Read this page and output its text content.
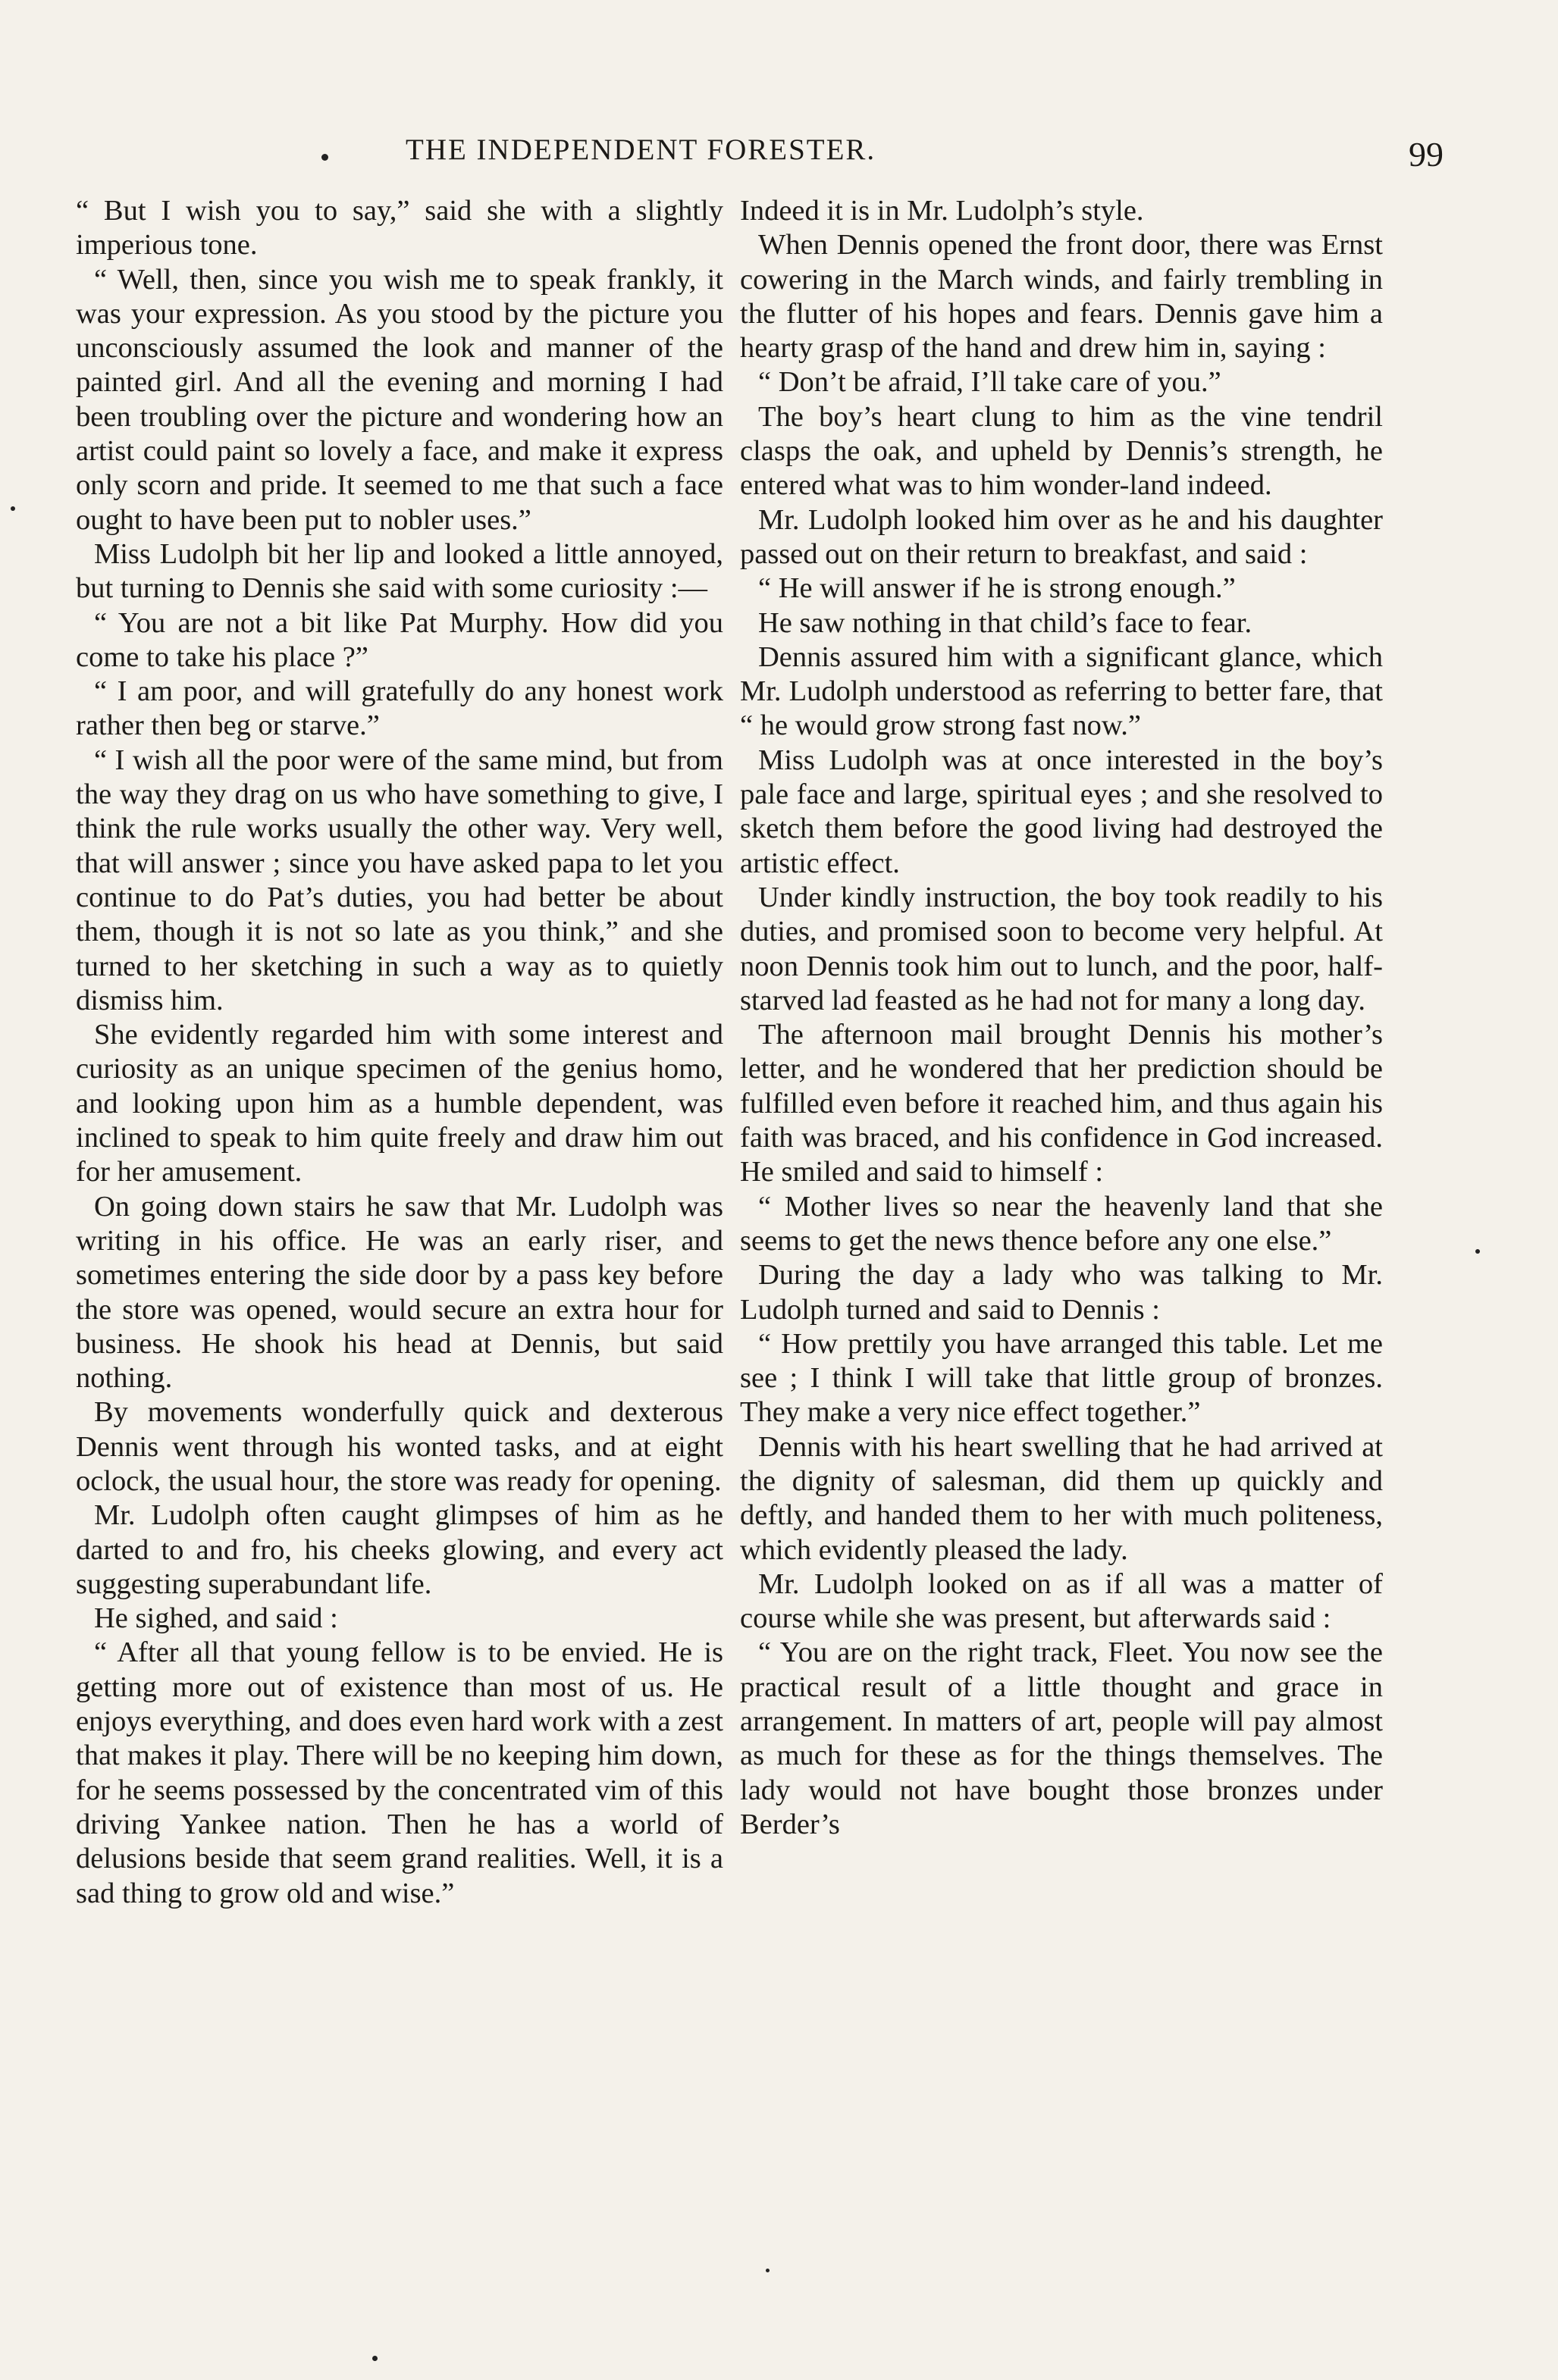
THE INDEPENDENT FORESTER.	99

“ But I wish you to say,” said she with a slightly imperious tone.

“ Well, then, since you wish me to speak frankly, it was your expression. As you stood by the picture you unconsciously assumed the look and manner of the painted girl. And all the evening and morning I had been troubling over the picture and wondering how an artist could paint so lovely a face, and make it express only scorn and pride. It seemed to me that such a face ought to have been put to nobler uses.”

Miss Ludolph bit her lip and looked a little annoyed, but turning to Dennis she said with some curiosity :—

“ You are not a bit like Pat Murphy. How did you come to take his place ?”

“ I am poor, and will gratefully do any honest work rather then beg or starve.”

“ I wish all the poor were of the same mind, but from the way they drag on us who have something to give, I think the rule works usually the other way. Very well, that will answer ; since you have asked papa to let you continue to do Pat’s duties, you had better be about them, though it is not so late as you think,” and she turned to her sketching in such a way as to quietly dismiss him.

She evidently regarded him with some interest and curiosity as an unique specimen of the genius homo, and looking upon him as a humble dependent, was inclined to speak to him quite freely and draw him out for her amusement.

On going down stairs he saw that Mr. Ludolph was writing in his office. He was an early riser, and sometimes entering the side door by a pass key before the store was opened, would secure an extra hour for business. He shook his head at Dennis, but said nothing.

By movements wonderfully quick and dexterous Dennis went through his wonted tasks, and at eight oclock, the usual hour, the store was ready for opening.

Mr. Ludolph often caught glimpses of him as he darted to and fro, his cheeks glowing, and every act suggesting superabundant life.

He sighed, and said :

“ After all that young fellow is to be envied. He is getting more out of existence than most of us. He enjoys everything, and does even hard work with a zest that makes it play. There will be no keeping him down, for he seems possessed by the concentrated vim of this driving Yankee nation. Then he has a world of delusions beside that seem grand realities. Well, it is a sad thing to grow old and wise.”

Indeed it is in Mr. Ludolph’s style.

When Dennis opened the front door, there was Ernst cowering in the March winds, and fairly trembling in the flutter of his hopes and fears. Dennis gave him a hearty grasp of the hand and drew him in, saying :

“ Don’t be afraid, I’ll take care of you.”

The boy’s heart clung to him as the vine tendril clasps the oak, and upheld by Dennis’s strength, he entered what was to him wonder-land indeed.

Mr. Ludolph looked him over as he and his daughter passed out on their return to breakfast, and said :

“ He will answer if he is strong enough.”

He saw nothing in that child’s face to fear.

Dennis assured him with a significant glance, which Mr. Ludolph understood as referring to better fare, that “ he would grow strong fast now.”

Miss Ludolph was at once interested in the boy’s pale face and large, spiritual eyes ; and she resolved to sketch them before the good living had destroyed the artistic effect.

Under kindly instruction, the boy took readily to his duties, and promised soon to become very helpful. At noon Dennis took him out to lunch, and the poor, half-starved lad feasted as he had not for many a long day.

The afternoon mail brought Dennis his mother’s letter, and he wondered that her prediction should be fulfilled even before it reached him, and thus again his faith was braced, and his confidence in God increased. He smiled and said to himself :

“ Mother lives so near the heavenly land that she seems to get the news thence before any one else.”

During the day a lady who was talking to Mr. Ludolph turned and said to Dennis :

“ How prettily you have arranged this table. Let me see ; I think I will take that little group of bronzes. They make a very nice effect together.”

Dennis with his heart swelling that he had arrived at the dignity of salesman, did them up quickly and deftly, and handed them to her with much politeness, which evidently pleased the lady.

Mr. Ludolph looked on as if all was a matter of course while she was present, but afterwards said :

“ You are on the right track, Fleet. You now see the practical result of a little thought and grace in arrangement. In matters of art, people will pay almost as much for these as for the things themselves. The lady would not have bought those bronzes under Berder’s
